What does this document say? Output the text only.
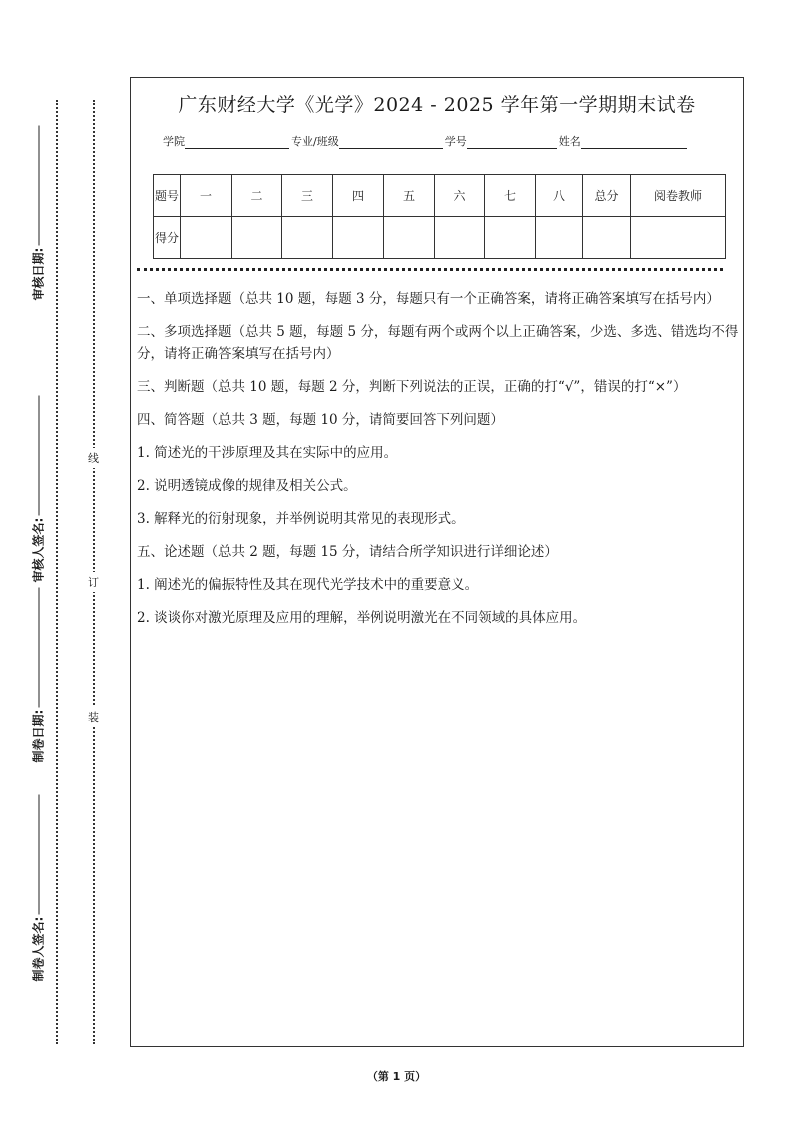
审核日期:
审核人签名:
制卷日期:
制卷人签名:
线
订
装
广东财经大学《光学》2024 - 2025 学年第一学期期末试卷
学院	专业/班级	学号	姓名
题号	一	二	三	四	五	六	七	八	总分	阅卷教师
得分										

一、单项选择题（总共 10 题，每题 3 分，每题只有一个正确答案，请将正确答案填写在括号内）

二、多项选择题（总共 5 题，每题 5 分，每题有两个或两个以上正确答案，少选、多选、错选均不得分，请将正确答案填写在括号内）

三、判断题（总共 10 题，每题 2 分，判断下列说法的正误，正确的打“√”，错误的打“×”）

四、简答题（总共 3 题，每题 10 分，请简要回答下列问题）

1. 简述光的干涉原理及其在实际中的应用。

2. 说明透镜成像的规律及相关公式。

3. 解释光的衍射现象，并举例说明其常见的表现形式。

五、论述题（总共 2 题，每题 15 分，请结合所学知识进行详细论述）

1. 阐述光的偏振特性及其在现代光学技术中的重要意义。

2. 谈谈你对激光原理及应用的理解，举例说明激光在不同领域的具体应用。

（第 1 页）
